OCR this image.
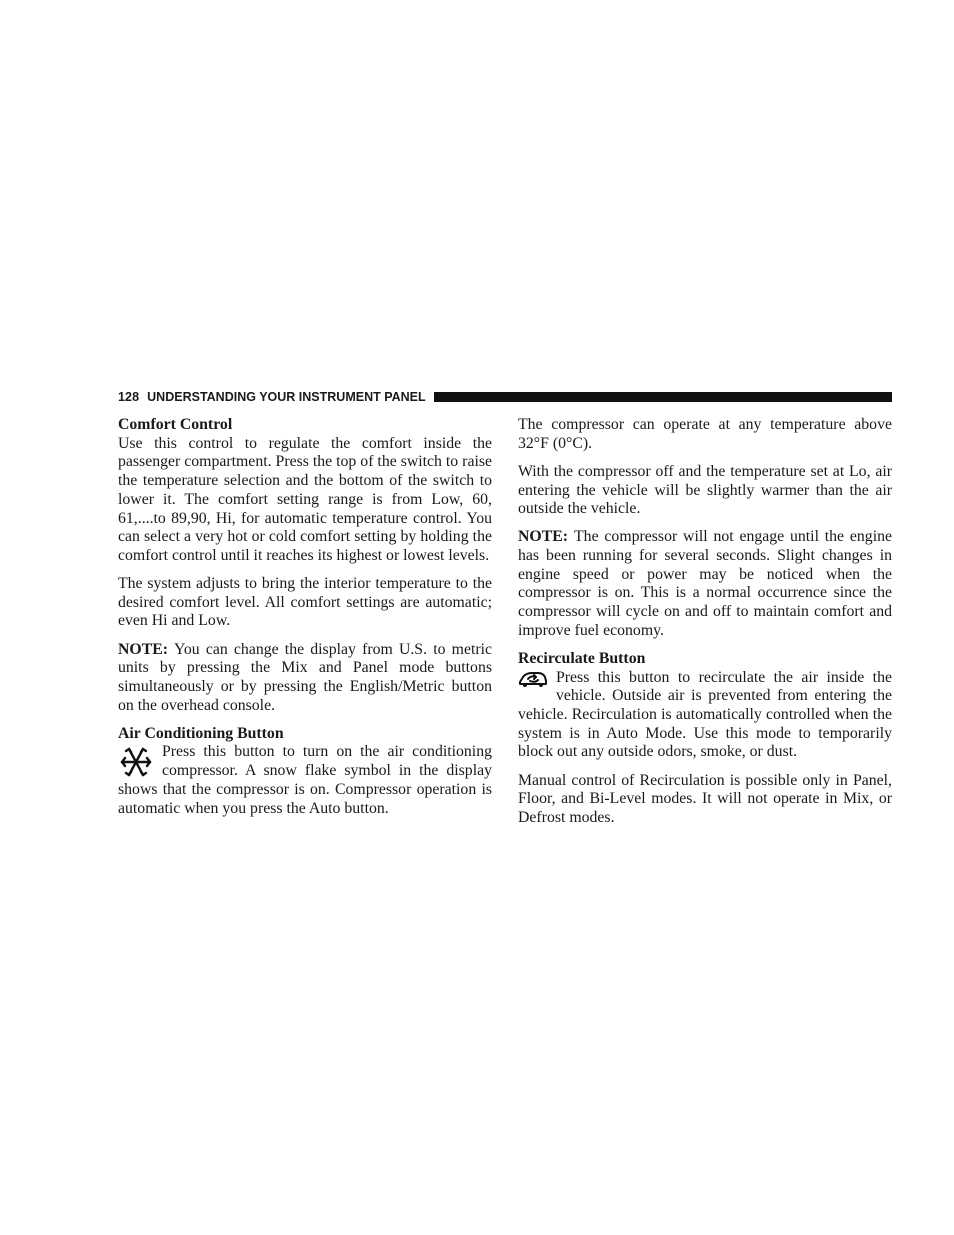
128 UNDERSTANDING YOUR INSTRUMENT PANEL
Comfort Control

Use this control to regulate the comfort inside the passenger compartment. Press the top of the switch to raise the temperature selection and the bottom of the switch to lower it. The comfort setting range is from Low, 60, 61,....to 89,90, Hi, for automatic temperature control. You can select a very hot or cold comfort setting by holding the comfort control until it reaches its highest or lowest levels.

The system adjusts to bring the interior temperature to the desired comfort level. All comfort settings are automatic; even Hi and Low.

NOTE: You can change the display from U.S. to metric units by pressing the Mix and Panel mode buttons simultaneously or by pressing the English/Metric button on the overhead console.

Air Conditioning Button

Press this button to turn on the air conditioning compressor. A snow flake symbol in the display shows that the compressor is on. Compressor operation is automatic when you press the Auto button.

The compressor can operate at any temperature above 32°F (0°C).

With the compressor off and the temperature set at Lo, air entering the vehicle will be slightly warmer than the air outside the vehicle.

NOTE: The compressor will not engage until the engine has been running for several seconds. Slight changes in engine speed or power may be noticed when the compressor is on. This is a normal occurrence since the compressor will cycle on and off to maintain comfort and improve fuel economy.

Recirculate Button

Press this button to recirculate the air inside the vehicle. Outside air is prevented from entering the vehicle. Recirculation is automatically controlled when the system is in Auto Mode. Use this mode to temporarily block out any outside odors, smoke, or dust.

Manual control of Recirculation is possible only in Panel, Floor, and Bi-Level modes. It will not operate in Mix, or Defrost modes.
